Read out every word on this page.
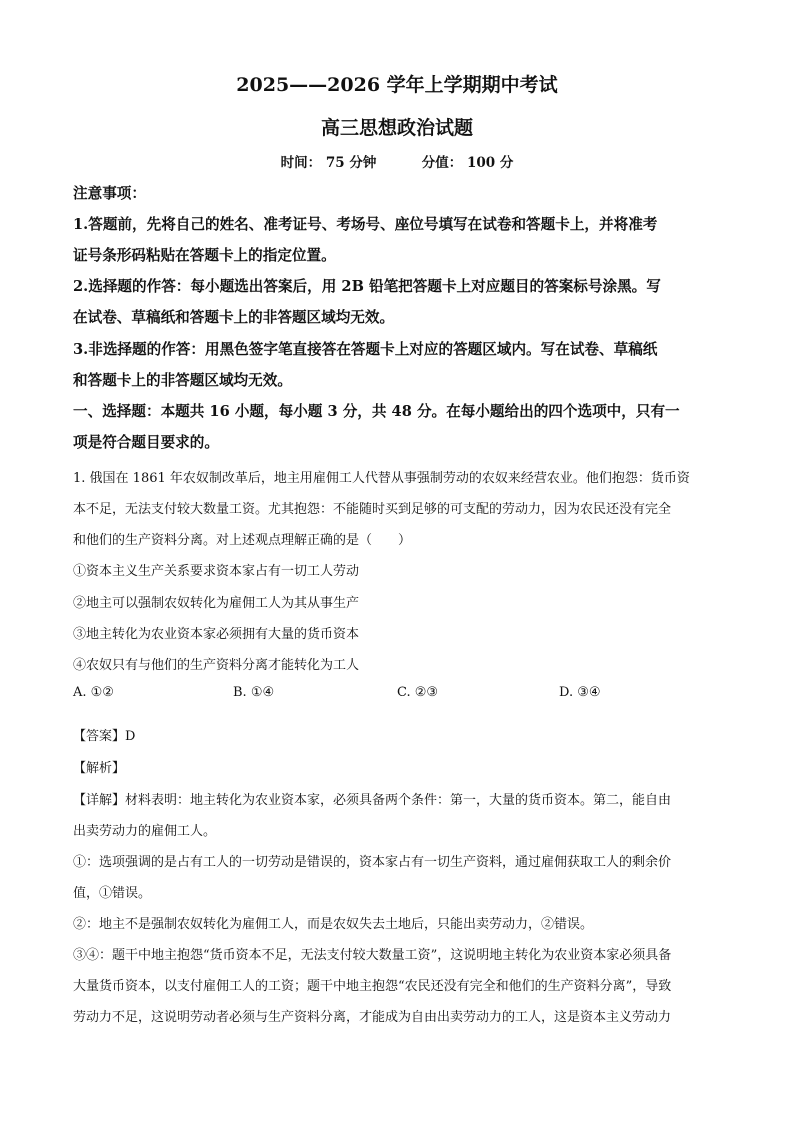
2025——2026 学年上学期期中考试
高三思想政治试题
时间： 75 分钟	分值： 100 分
注意事项：
1.答题前，先将自己的姓名、准考证号、考场号、座位号填写在试卷和答题卡上，并将准考
证号条形码粘贴在答题卡上的指定位置。
2.选择题的作答：每小题选出答案后，用 2B 铅笔把答题卡上对应题目的答案标号涂黑。写
在试卷、草稿纸和答题卡上的非答题区域均无效。
3.非选择题的作答：用黑色签字笔直接答在答题卡上对应的答题区域内。写在试卷、草稿纸
和答题卡上的非答题区域均无效。
一、选择题：本题共 16 小题，每小题 3 分，共 48 分。在每小题给出的四个选项中，只有一
项是符合题目要求的。
1. 俄国在 1861 年农奴制改革后，地主用雇佣工人代替从事强制劳动的农奴来经营农业。他们抱怨：货币资
本不足，无法支付较大数量工资。尤其抱怨：不能随时买到足够的可支配的劳动力，因为农民还没有完全
和他们的生产资料分离。对上述观点理解正确的是（　　）
①资本主义生产关系要求资本家占有一切工人劳动
②地主可以强制农奴转化为雇佣工人为其从事生产
③地主转化为农业资本家必须拥有大量的货币资本
④农奴只有与他们的生产资料分离才能转化为工人
A. ①②	B. ①④	C. ②③	D. ③④
【答案】D
【解析】
【详解】材料表明：地主转化为农业资本家，必须具备两个条件：第一，大量的货币资本。第二，能自由
出卖劳动力的雇佣工人。
①：选项强调的是占有工人的一切劳动是错误的，资本家占有一切生产资料，通过雇佣获取工人的剩余价
值，①错误。
②：地主不是强制农奴转化为雇佣工人，而是农奴失去土地后，只能出卖劳动力，②错误。
③④：题干中地主抱怨“货币资本不足，无法支付较大数量工资”，这说明地主转化为农业资本家必须具备
大量货币资本，以支付雇佣工人的工资；题干中地主抱怨“农民还没有完全和他们的生产资料分离”，导致
劳动力不足，这说明劳动者必须与生产资料分离，才能成为自由出卖劳动力的工人，这是资本主义劳动力
